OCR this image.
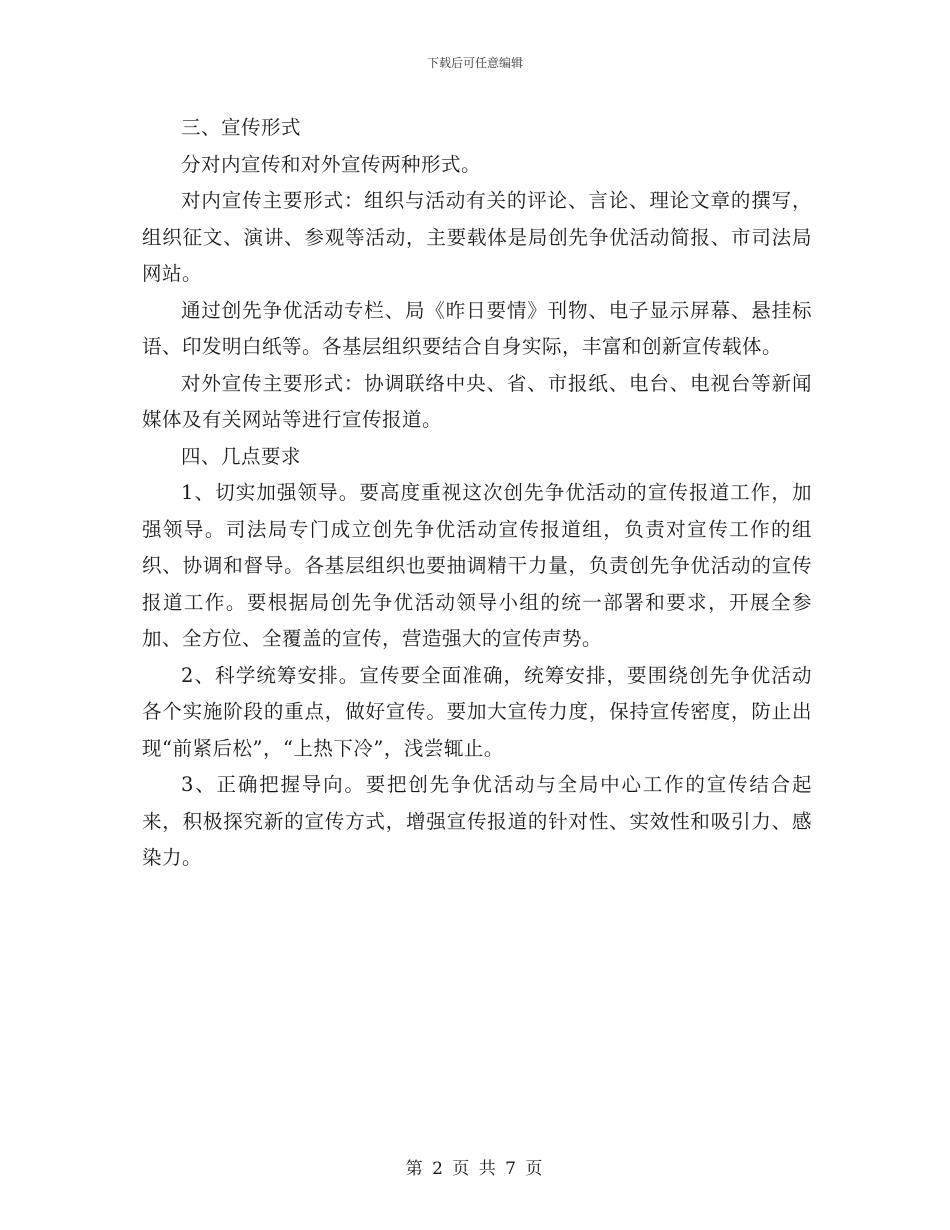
下载后可任意编辑

三、宣传形式

分对内宣传和对外宣传两种形式。

对内宣传主要形式：组织与活动有关的评论、言论、理论文章的撰写，组织征文、演讲、参观等活动，主要载体是局创先争优活动简报、市司法局网站。

通过创先争优活动专栏、局《昨日要情》刊物、电子显示屏幕、悬挂标语、印发明白纸等。各基层组织要结合自身实际，丰富和创新宣传载体。

对外宣传主要形式：协调联络中央、省、市报纸、电台、电视台等新闻媒体及有关网站等进行宣传报道。

四、几点要求

1、切实加强领导。要高度重视这次创先争优活动的宣传报道工作，加强领导。司法局专门成立创先争优活动宣传报道组，负责对宣传工作的组织、协调和督导。各基层组织也要抽调精干力量，负责创先争优活动的宣传报道工作。要根据局创先争优活动领导小组的统一部署和要求，开展全参加、全方位、全覆盖的宣传，营造强大的宣传声势。

2、科学统筹安排。宣传要全面准确，统筹安排，要围绕创先争优活动各个实施阶段的重点，做好宣传。要加大宣传力度，保持宣传密度，防止出现“前紧后松”，“上热下冷”，浅尝辄止。

3、正确把握导向。要把创先争优活动与全局中心工作的宣传结合起来，积极探究新的宣传方式，增强宣传报道的针对性、实效性和吸引力、感染力。

第 2 页 共 7 页
